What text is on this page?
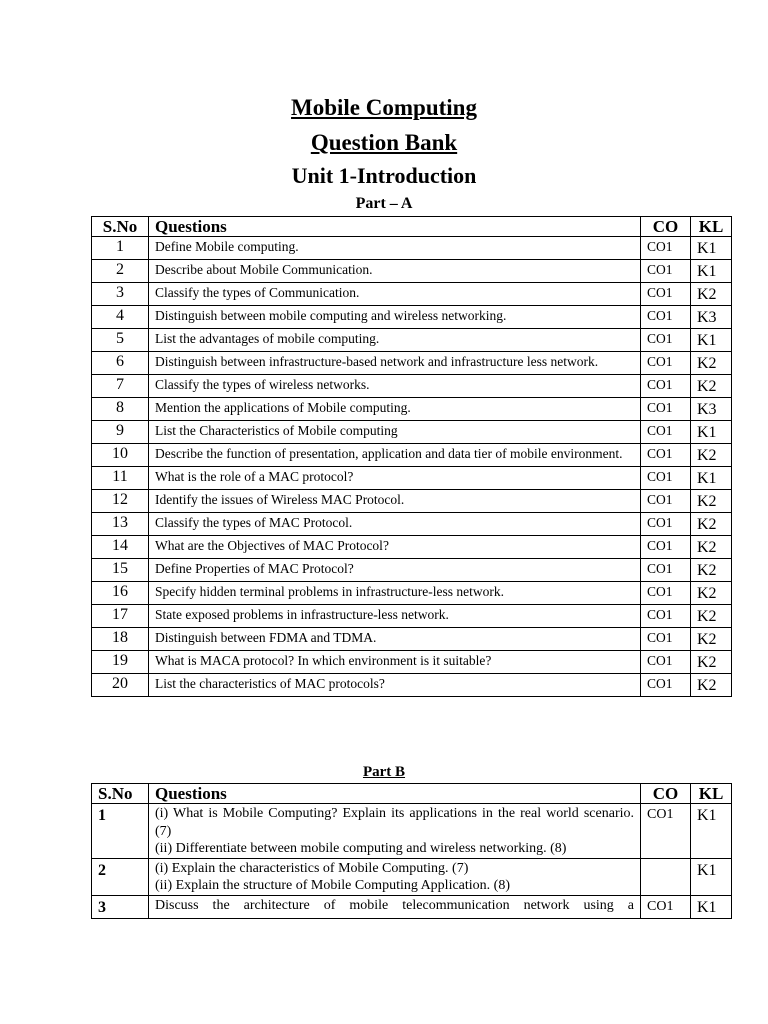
Mobile Computing
Question Bank
Unit 1-Introduction
Part – A
S.No	Questions	CO	KL
1	Define Mobile computing.	CO1	K1
2	Describe about Mobile Communication.	CO1	K1
3	Classify the types of Communication.	CO1	K2
4	Distinguish between mobile computing and wireless networking.	CO1	K3
5	List the advantages of mobile computing.	CO1	K1
6	Distinguish between infrastructure-based network and infrastructure less network.	CO1	K2
7	Classify the types of wireless networks.	CO1	K2
8	Mention the applications of Mobile computing.	CO1	K3
9	List the Characteristics of Mobile computing	CO1	K1
10	Describe the function of presentation, application and data tier of mobile environment.	CO1	K2
11	What is the role of a MAC protocol?	CO1	K1
12	Identify the issues of Wireless MAC Protocol.	CO1	K2
13	Classify the types of MAC Protocol.	CO1	K2
14	What are the Objectives of MAC Protocol?	CO1	K2
15	Define Properties of MAC Protocol?	CO1	K2
16	Specify hidden terminal problems in infrastructure-less network.	CO1	K2
17	State exposed problems in infrastructure-less network.	CO1	K2
18	Distinguish between FDMA and TDMA.	CO1	K2
19	What is MACA protocol? In which environment is it suitable?	CO1	K2
20	List the characteristics of MAC protocols?	CO1	K2
Part B
S.No	Questions	CO	KL
1	(i) What is Mobile Computing? Explain its applications in the real world scenario. (7)
(ii) Differentiate between mobile computing and wireless networking. (8)	CO1	K1
2	(i) Explain the characteristics of Mobile Computing. (7)
(ii) Explain the structure of Mobile Computing Application. (8)		K1
3	Discuss the architecture of mobile telecommunication network using a	CO1	K1
